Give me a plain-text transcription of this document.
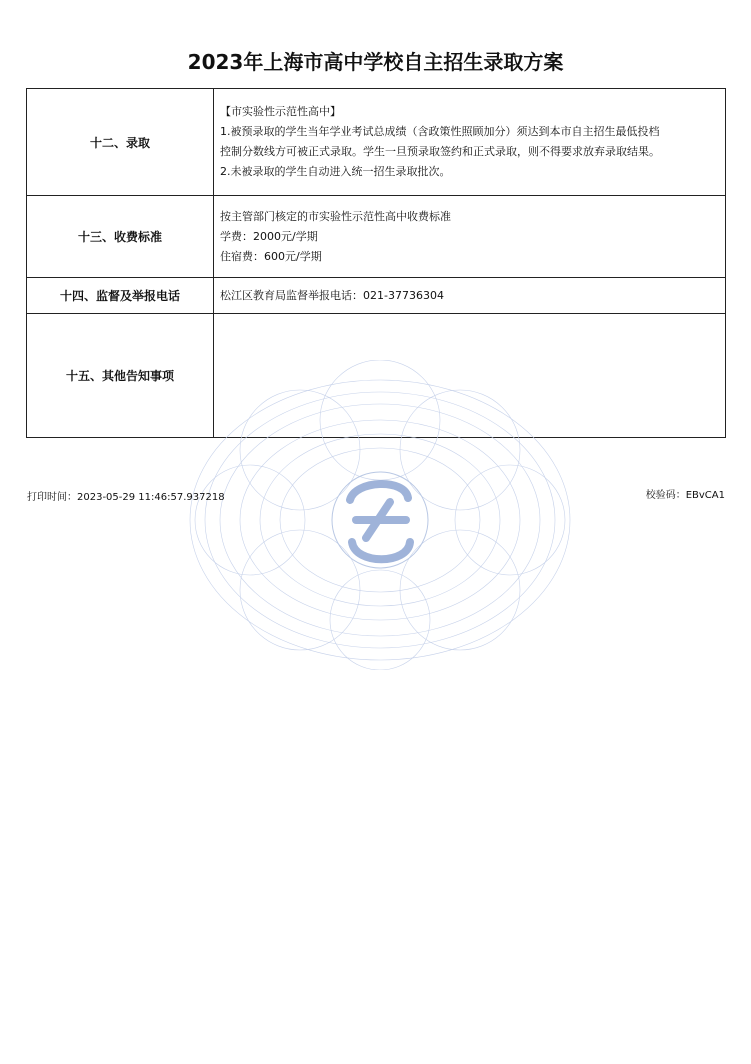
2023年上海市高中学校自主招生录取方案
十二、录取	【市实验性示范性高中】
1.被预录取的学生当年学业考试总成绩（含政策性照顾加分）须达到本市自主招生最低投档
控制分数线方可被正式录取。学生一旦预录取签约和正式录取，则不得要求放弃录取结果。
2.未被录取的学生自动进入统一招生录取批次。

十三、收费标准	按主管部门核定的市实验性示范性高中收费标准
学费：2000元/学期
住宿费：600元/学期

十四、监督及举报电话	松江区教育局监督举报电话：021-37736304

十五、其他告知事项	
打印时间：2023-05-29 11:46:57.937218	校验码：EBvCA1
